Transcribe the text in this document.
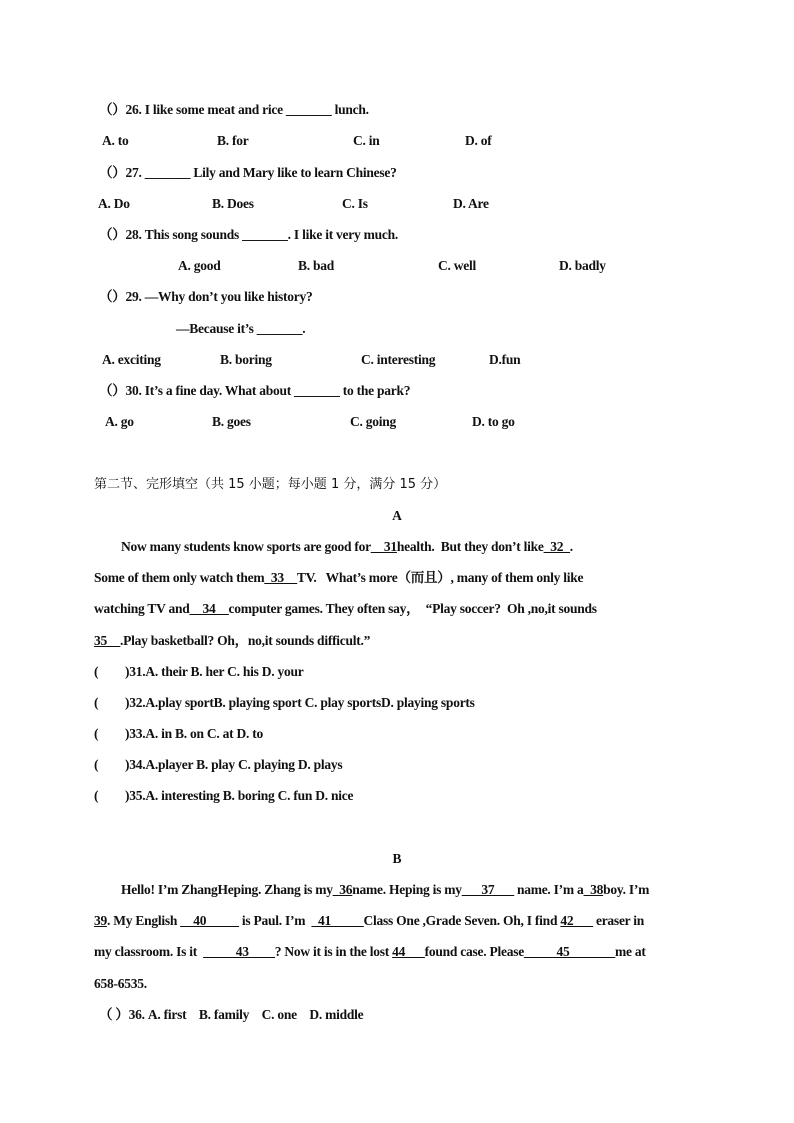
（）26. I like some meat and rice _______ lunch.
A. to	B. for	C. in	D. of
（）27. _______ Lily and Mary like to learn Chinese?
A. Do	B. Does	C. Is	D. Are
（）28. This song sounds _______. I like it very much.
A. good	B. bad	C. well	D. badly
（）29. —Why don’t you like history?
—Because it’s _______.
A. exciting	B. boring	C. interesting	D.fun
（）30. It’s a fine day. What about _______ to the park?
A. go	B. goes	C. going	D. to go
第二节、完形填空（共 15 小题；每小题 1 分，满分 15 分）
A
Now many students know sports are good for__31health.  But they don’t like_32_.
Some of them only watch them_33__TV.   What’s more（而且）, many of them only like
watching TV and__34__computer games. They often say，  “Play soccer?  Oh ,no,it sounds
35__.Play basketball? Oh，no,it sounds difficult.”
( )31.A. their B. her C. his D. your
( )32.A.play sportB. playing sport C. play sportsD. playing sports
( )33.A. in B. on C. at D. to
( )34.A.player B. play C. playing D. plays
( )35.A. interesting B. boring C. fun D. nice
B
Hello! I’m ZhangHeping. Zhang is my_36name. Heping is my___37___ name. I’m a_38boy. I’m
39. My English __40_____ is Paul. I’m  _41_____Class One ,Grade Seven. Oh, I find 42___ eraser in
my classroom. Is it  _____43____? Now it is in the lost 44___found case. Please_____45_______me at
658-6535.
（ ）36. A. first    B. family    C. one    D. middle
